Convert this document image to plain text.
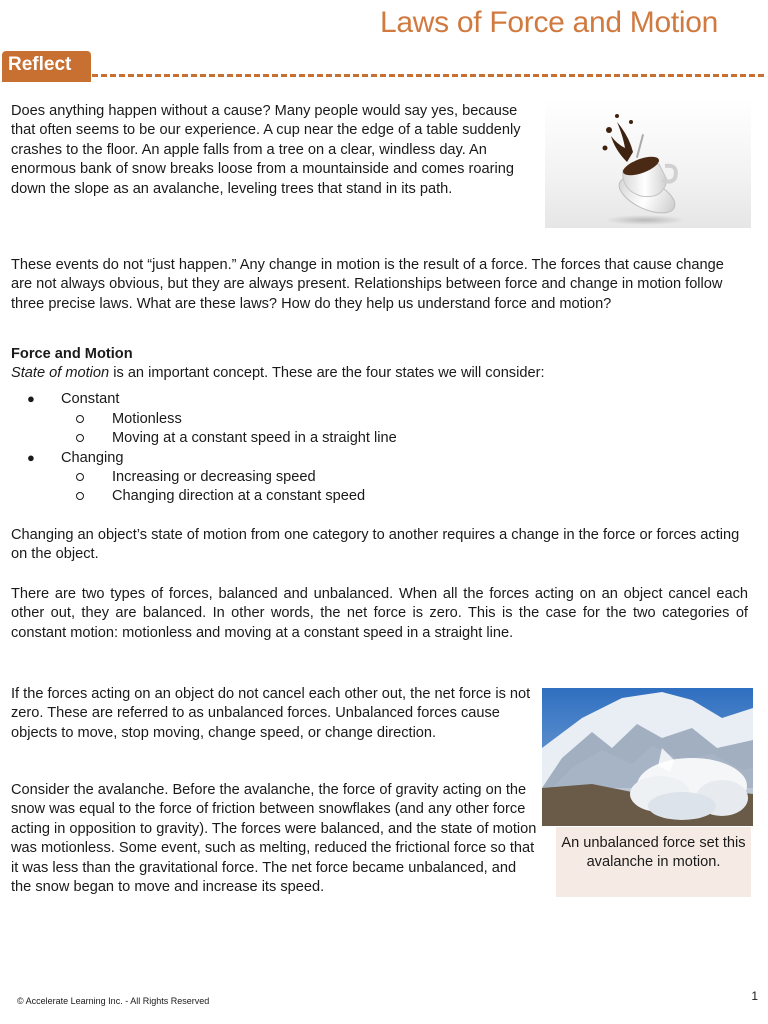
Laws of Force and Motion
Reflect
Does anything happen without a cause? Many people would say yes, because that often seems to be our experience. A cup near the edge of a table suddenly crashes to the floor. An apple falls from a tree on a clear, windless day. An enormous bank of snow breaks loose from a mountainside and comes roaring down the slope as an avalanche, leveling trees that stand in its path.
These events do not “just happen.” Any change in motion is the result of a force. The forces that cause change are not always obvious, but they are always present. Relationships between force and change in motion follow three precise laws. What are these laws? How do they help us understand force and motion?
Force and Motion
State of motion is an important concept. These are the four states we will consider:
● Constant
Motionless
Moving at a constant speed in a straight line
● Changing
Increasing or decreasing speed
Changing direction at a constant speed
Changing an object’s state of motion from one category to another requires a change in the force or forces acting on the object.
There are two types of forces, balanced and unbalanced. When all the forces acting on an object cancel each other out, they are balanced. In other words, the net force is zero. This is the case for the two categories of constant motion: motionless and moving at a constant speed in a straight line.
If the forces acting on an object do not cancel each other out, the net force is not zero. These are referred to as unbalanced forces. Unbalanced forces cause objects to move, stop moving, change speed, or change direction.
Consider the avalanche. Before the avalanche, the force of gravity acting on the snow was equal to the force of friction between snowflakes (and any other force acting in opposition to gravity). The forces were balanced, and the state of motion was motionless. Some event, such as melting, reduced the frictional force so that it was less than the gravitational force. The net force became unbalanced, and the snow began to move and increase its speed.
An unbalanced force set this avalanche in motion.
© Accelerate Learning Inc. - All Rights Reserved	1
